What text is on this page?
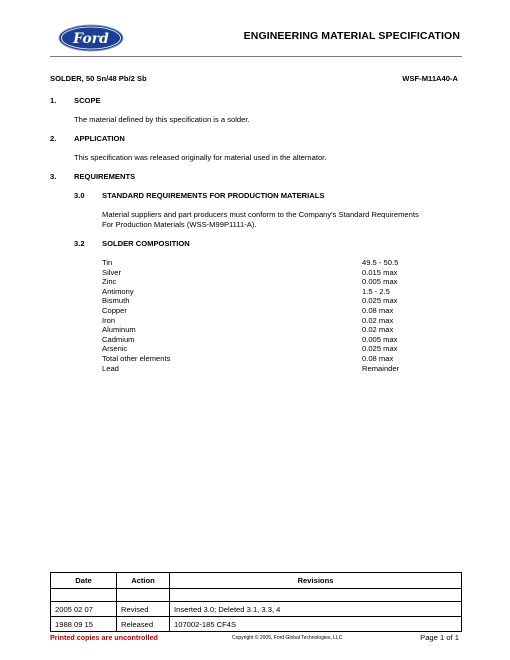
Ford	ENGINEERING MATERIAL SPECIFICATION
SOLDER, 50 Sn/48 Pb/2 Sb	WSF-M11A40-A
1. SCOPE
The material defined by this specification is a solder.
2. APPLICATION
This specification was released originally for material used in the alternator.
3. REQUIREMENTS
3.0 STANDARD REQUIREMENTS FOR PRODUCTION MATERIALS
Material suppliers and part producers must conform to the Company's Standard Requirements
For Production Materials (WSS-M99P1111-A).
3.2 SOLDER COMPOSITION
Tin	49.5 - 50.5
Silver	0.015 max
Zinc	0.005 max
Antimony	1.5 - 2.5
Bismuth	0.025 max
Copper	0.08 max
Iron	0.02 max
Aluminum	0.02 max
Cadmium	0.005 max
Arsenic	0.025 max
Total other elements	0.08 max
Lead	Remainder
Date	Action	Revisions

2005 02 07	Revised	Inserted 3.0; Deleted 3.1, 3.3, 4
1988 09 15	Released	107002-185 CF4S
Printed copies are uncontrolled	Copyright © 2005, Ford Global Technologies, LLC	Page 1 of 1
